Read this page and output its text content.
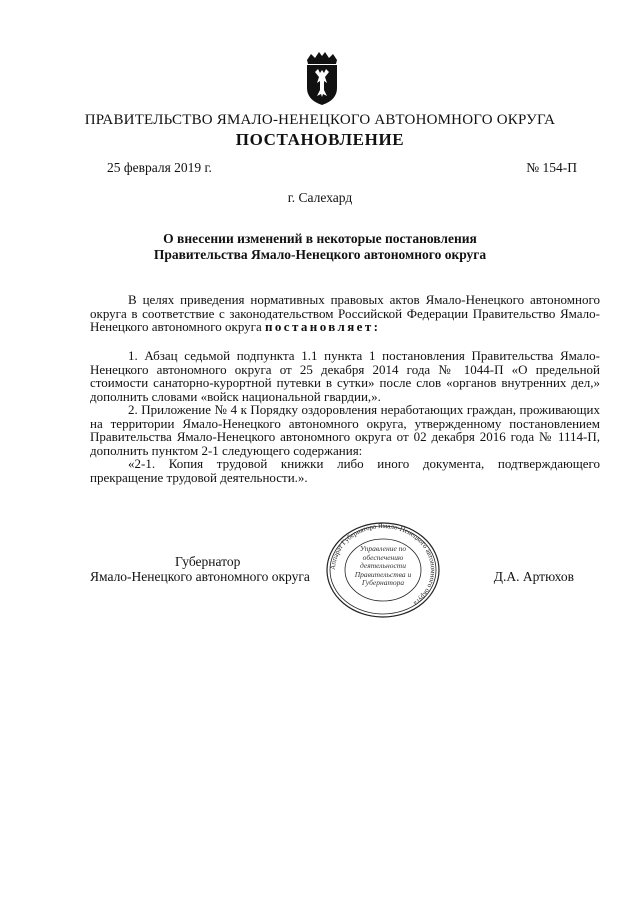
ПРАВИТЕЛЬСТВО ЯМАЛО-НЕНЕЦКОГО АВТОНОМНОГО ОКРУГА
ПОСТАНОВЛЕНИЕ
25 февраля 2019 г.	№ 154-П
г. Салехард
О внесении изменений в некоторые постановления
Правительства Ямало-Ненецкого автономного округа

В целях приведения нормативных правовых актов Ямало-Ненецкого автономного округа в соответствие с законодательством Российской Федерации Правительство Ямало-Ненецкого автономного округа постановляет:

1. Абзац седьмой подпункта 1.1 пункта 1 постановления Правительства Ямало-Ненецкого автономного округа от 25 декабря 2014 года № 1044-П «О предельной стоимости санаторно-курортной путевки в сутки» после слов «органов внутренних дел,» дополнить словами «войск национальной гвардии,».

2. Приложение № 4 к Порядку оздоровления неработающих граждан, проживающих на территории Ямало-Ненецкого автономного округа, утвержденному постановлением Правительства Ямало-Ненецкого автономного округа от 02 декабря 2016 года № 1114-П, дополнить пунктом 2-1 следующего содержания:

«2-1. Копия трудовой книжки либо иного документа, подтверждающего прекращение трудовой деятельности.».

Губернатор
Ямало-Ненецкого автономного округа	Д.А. Артюхов
Аппарат Губернатора Ямало-Ненецкого автономного округа
Управление по обеспечению деятельности Правительства и Губернатора
